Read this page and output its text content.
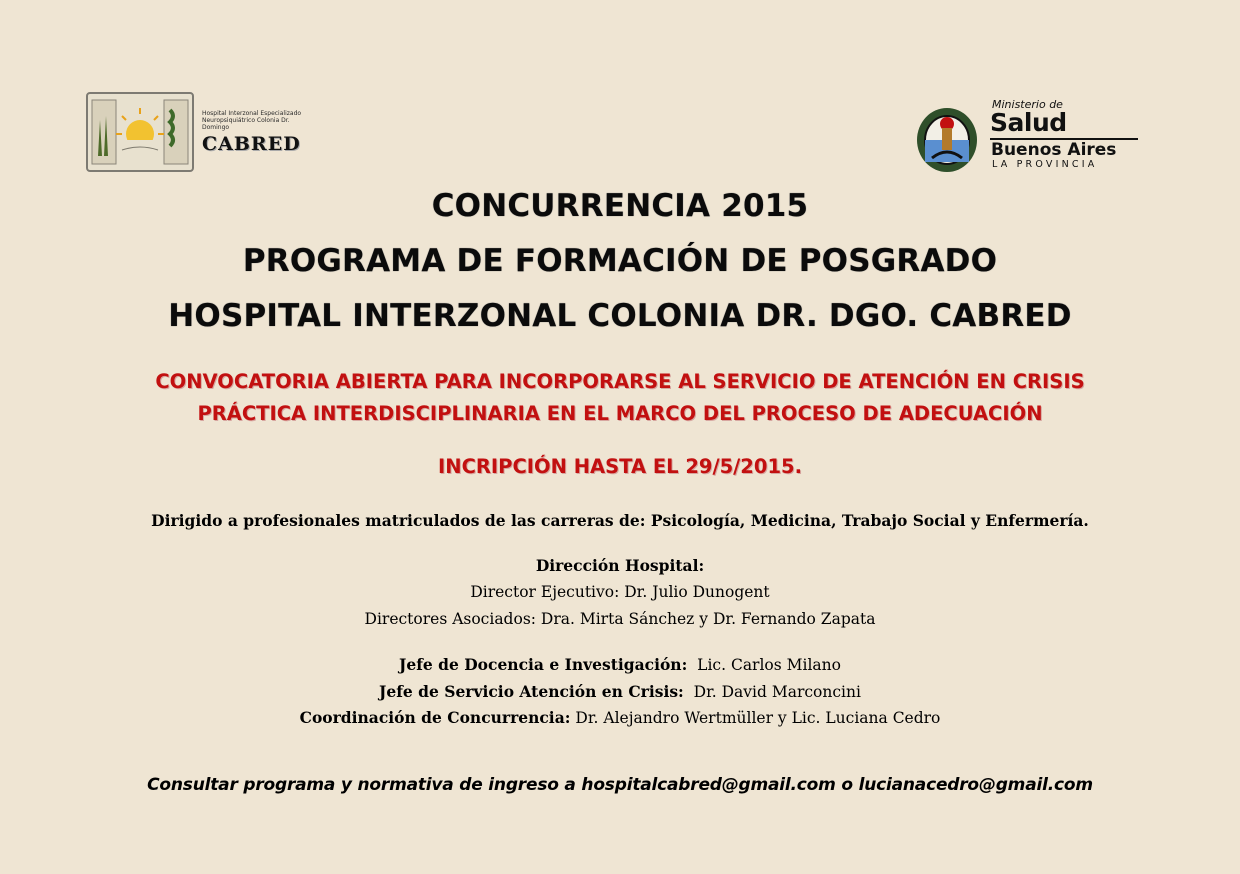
Hospital Interzonal Especializado Neuropsiquiátrico Colonia Dr. Domingo
CABRED
Ministerio de
Salud
Buenos Aires
LA PROVINCIA
CONCURRENCIA 2015
PROGRAMA DE FORMACIÓN DE POSGRADO
HOSPITAL INTERZONAL COLONIA DR. DGO. CABRED
CONVOCATORIA ABIERTA PARA INCORPORARSE AL SERVICIO DE ATENCIÓN EN CRISIS
PRÁCTICA INTERDISCIPLINARIA EN EL MARCO DEL PROCESO DE ADECUACIÓN
INCRIPCIÓN HASTA EL 29/5/2015.
Dirigido a profesionales matriculados de las carreras de: Psicología, Medicina, Trabajo Social y Enfermería.
Dirección Hospital:
Director Ejecutivo: Dr. Julio Dunogent
Directores Asociados: Dra. Mirta Sánchez y Dr. Fernando Zapata
Jefe de Docencia e Investigación: Lic. Carlos Milano
Jefe de Servicio Atención en Crisis: Dr. David Marconcini
Coordinación de Concurrencia: Dr. Alejandro Wertmüller y Lic. Luciana Cedro
Consultar programa y normativa de ingreso a hospitalcabred@gmail.com o lucianacedro@gmail.com
